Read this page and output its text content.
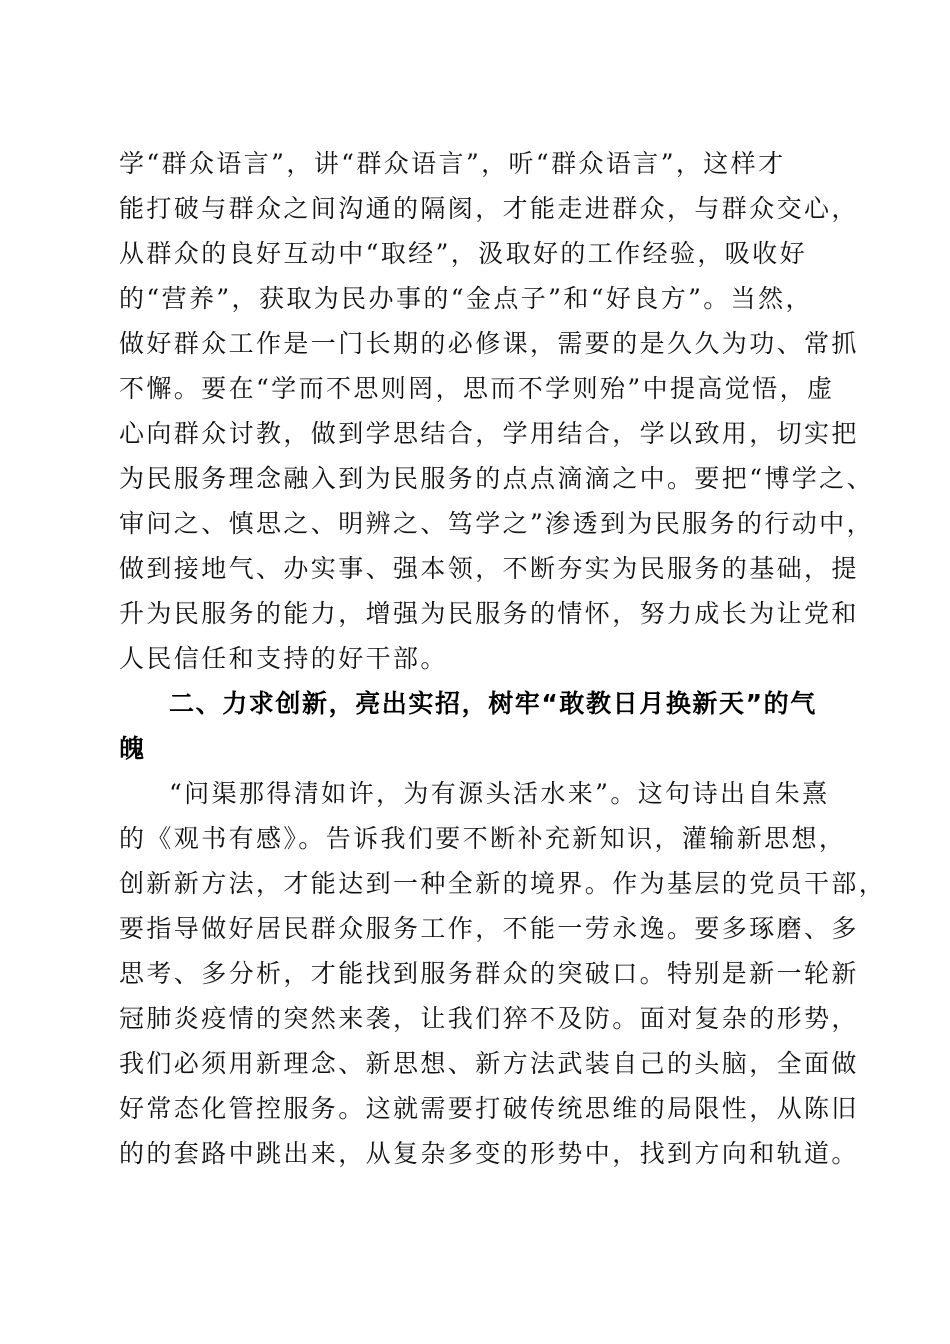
学“群众语言”，讲“群众语言”，听“群众语言”，这样才
能打破与群众之间沟通的隔阂，才能走进群众，与群众交心，
从群众的良好互动中“取经”，汲取好的工作经验，吸收好
的“营养”，获取为民办事的“金点子”和“好良方”。当然，
做好群众工作是一门长期的必修课，需要的是久久为功、常抓
不懈。要在“学而不思则罔，思而不学则殆”中提高觉悟，虚
心向群众讨教，做到学思结合，学用结合，学以致用，切实把
为民服务理念融入到为民服务的点点滴滴之中。要把“博学之、
审问之、慎思之、明辨之、笃学之”渗透到为民服务的行动中，
做到接地气、办实事、强本领，不断夯实为民服务的基础，提
升为民服务的能力，增强为民服务的情怀，努力成长为让党和
人民信任和支持的好干部。
二、力求创新，亮出实招，树牢“敢教日月换新天”的气
魄
“问渠那得清如许，为有源头活水来”。这句诗出自朱熹
的《观书有感》。告诉我们要不断补充新知识，灌输新思想，
创新新方法，才能达到一种全新的境界。作为基层的党员干部，
要指导做好居民群众服务工作，不能一劳永逸。要多琢磨、多
思考、多分析，才能找到服务群众的突破口。特别是新一轮新
冠肺炎疫情的突然来袭，让我们猝不及防。面对复杂的形势，
我们必须用新理念、新思想、新方法武装自己的头脑，全面做
好常态化管控服务。这就需要打破传统思维的局限性，从陈旧
的的套路中跳出来，从复杂多变的形势中，找到方向和轨道。
